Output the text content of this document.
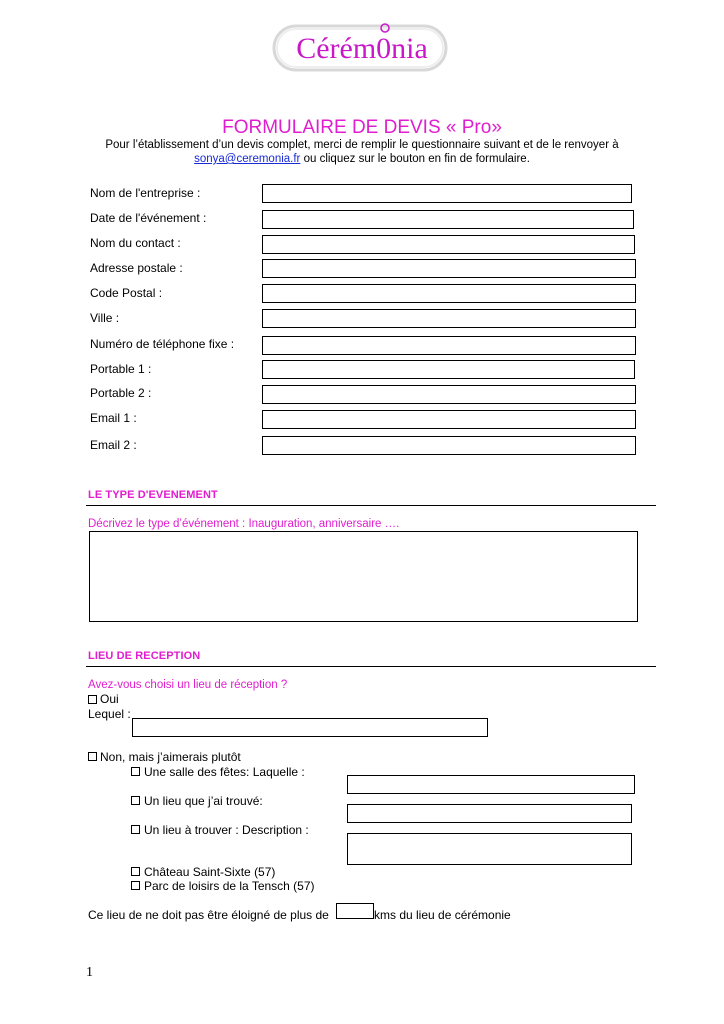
Cérém0nia
FORMULAIRE DE DEVIS « Pro»
Pour l’établissement d’un devis complet, merci de remplir le questionnaire suivant et de le renvoyer à
sonya@ceremonia.fr ou cliquez sur le bouton en fin de formulaire.
Nom de l'entreprise :
Date de l'événement :
Nom du contact :
Adresse postale :
Code Postal :
Ville :
Numéro de téléphone fixe :
Portable 1 :
Portable 2 :
Email 1 :
Email 2 :
LE TYPE D'EVENEMENT
Décrivez le type d’événement : Inauguration, anniversaire ….
LIEU DE RECEPTION
Avez-vous choisi un lieu de réception ?
Oui
Lequel :
Non, mais j’aimerais plutôt
Une salle des fêtes: Laquelle :
Un lieu que j’ai trouvé:
Un lieu à trouver : Description :
Château Saint-Sixte (57)
Parc de loisirs de la Tensch (57)
Ce lieu de ne doit pas être éloigné de plus de	kms du lieu de cérémonie
1
